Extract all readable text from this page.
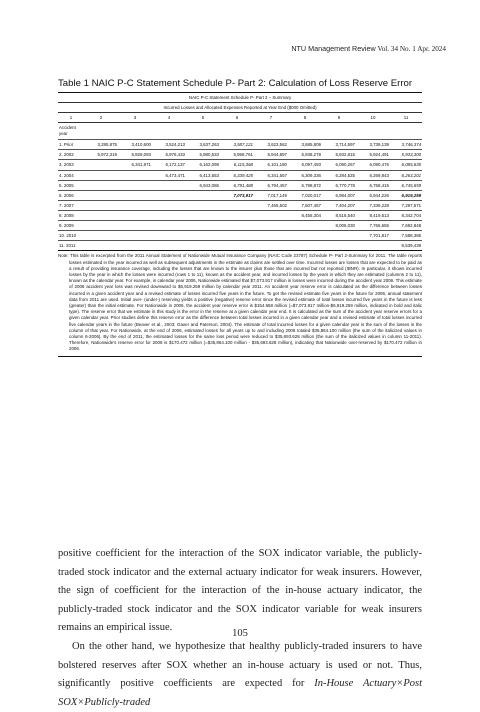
NTU Management Review Vol. 34 No. 1 Apr. 2024
Table 1 NAIC P-C Statement Schedule P- Part 2: Calculation of Loss Reserve Error
NAIC P-C Statement Schedule P- Part 2 – Summary										
Incurred Losses and Allocated Expenses Reported at Year End ($000 Omitted)										
1	2	3	4	5	6	7	8	9	10	11
Accident year										
1. Prior	3,285,875	3,410,600	3,524,213	3,637,263	3,587,121	3,623,562	3,685,809	3,714,597	3,739,139	3,746,374
2. 2002	5,972,319	5,928,093	5,976,433	5,980,533	5,958,761	5,944,897	5,938,278	5,932,815	5,924,491	5,933,300
3. 2003		6,341,971	6,172,137	6,162,098	6,115,368	6,101,180	6,097,493	6,090,267	6,090,476	6,085,635
4. 2004			6,473,471	6,413,553	6,339,425	6,341,557	6,309,336	6,284,525	6,269,843	6,263,201
5. 2005				6,943,086	6,791,488	6,794,457	6,798,872	6,770,778	6,758,415	6,745,659
6. 2006					7,073,917	7,017,149	7,020,017	6,984,007	6,944,226	6,919,259
7. 2007						7,465,502	7,507,457	7,404,207	7,339,228	7,297,571
8. 2008							8,456,304	8,518,540	8,419,513	8,342,704
9. 2009								8,005,030	7,766,655	7,682,848
10. 2010									7,701,817	7,588,385
11. 2011										8,539,439
Note: This table is excerpted from the 2011 Annual Statement of Nationwide Mutual Insurance Company (NAIC Code 23787) Schedule P- Part 2-Summary for 2011. The table reports losses estimated in the year incurred as well as subsequent adjustments in the estimate as claims are settled over time. Incurred losses are losses that are expected to be paid as a result of providing insurance coverage, including the losses that are known to the insurer plus those that are incurred but not reported (IBNR). In particular, it shows incurred losses by the year in which the losses were incurred (rows 1 to 11), known as the accident year, and incurred losses by the years in which they are estimated (columns 2 to 11), known as the calendar year. For example, in calendar year 2006, Nationwide estimated that $7,073.917 million in losses were incurred during the accident year 2006. This estimate of 2006 accident year loss was revised downward to $6,919.259 million by calendar year 2011. An accident year reserve error is calculated as the difference between losses incurred in a given accident year and a revised estimate of losses incurred five years in the future. To get the revised estimate five years in the future for 2006, annual statement data from 2011 are used. Initial over- (under-) reserving yields a positive (negative) reserve error since the revised estimate of total losses incurred five years in the future is less (greater) than the initial estimate. For Nationwide in 2006, the accident year reserve error is $154.658 million (=$7,073.917 million-$6,919.259 million, indicated in bold and italic type). The reserve error that we estimate in this study is the error in the reserve at a given calendar year end. It is calculated as the sum of the accident year reserve errors for a given calendar year. Prior studies define this reserve error as the difference between total losses incurred in a given calendar year and a revised estimate of total losses incurred five calendar years in the future (Beaver et al., 2003; Gaver and Paterson, 2004). The estimate of total incurred losses for a given calendar year is the sum of the losses in the column of that year. For Nationwide, at the end of 2006, estimated losses for all years up to and including 2006 totaled $35,864.100 million (the sum of the italicized values in column 6-2006). By the end of 2011, the estimated losses for the same loss period were reduced to $35,693.628 million (the sum of the italicized values in column 11-2011). Therefore, Nationwide’s reserve error for 2006 is $170.472 million (=$35,864.100 million - $35,693.628 million), indicating that Nationwide over-reserved by $170.472 million in 2006.

positive coefficient for the interaction of the SOX indicator variable, the publicly-traded stock indicator and the external actuary indicator for weak insurers. However, the sign of coefficient for the interaction of the in-house actuary indicator, the publicly-traded stock indicator and the SOX indicator variable for weak insurers remains an empirical issue.

On the other hand, we hypothesize that healthy publicly-traded insurers to have bolstered reserves after SOX whether an in-house actuary is used or not. Thus, significantly positive coefficients are expected for In-House Actuary×Post SOX×Publicly-traded

105
